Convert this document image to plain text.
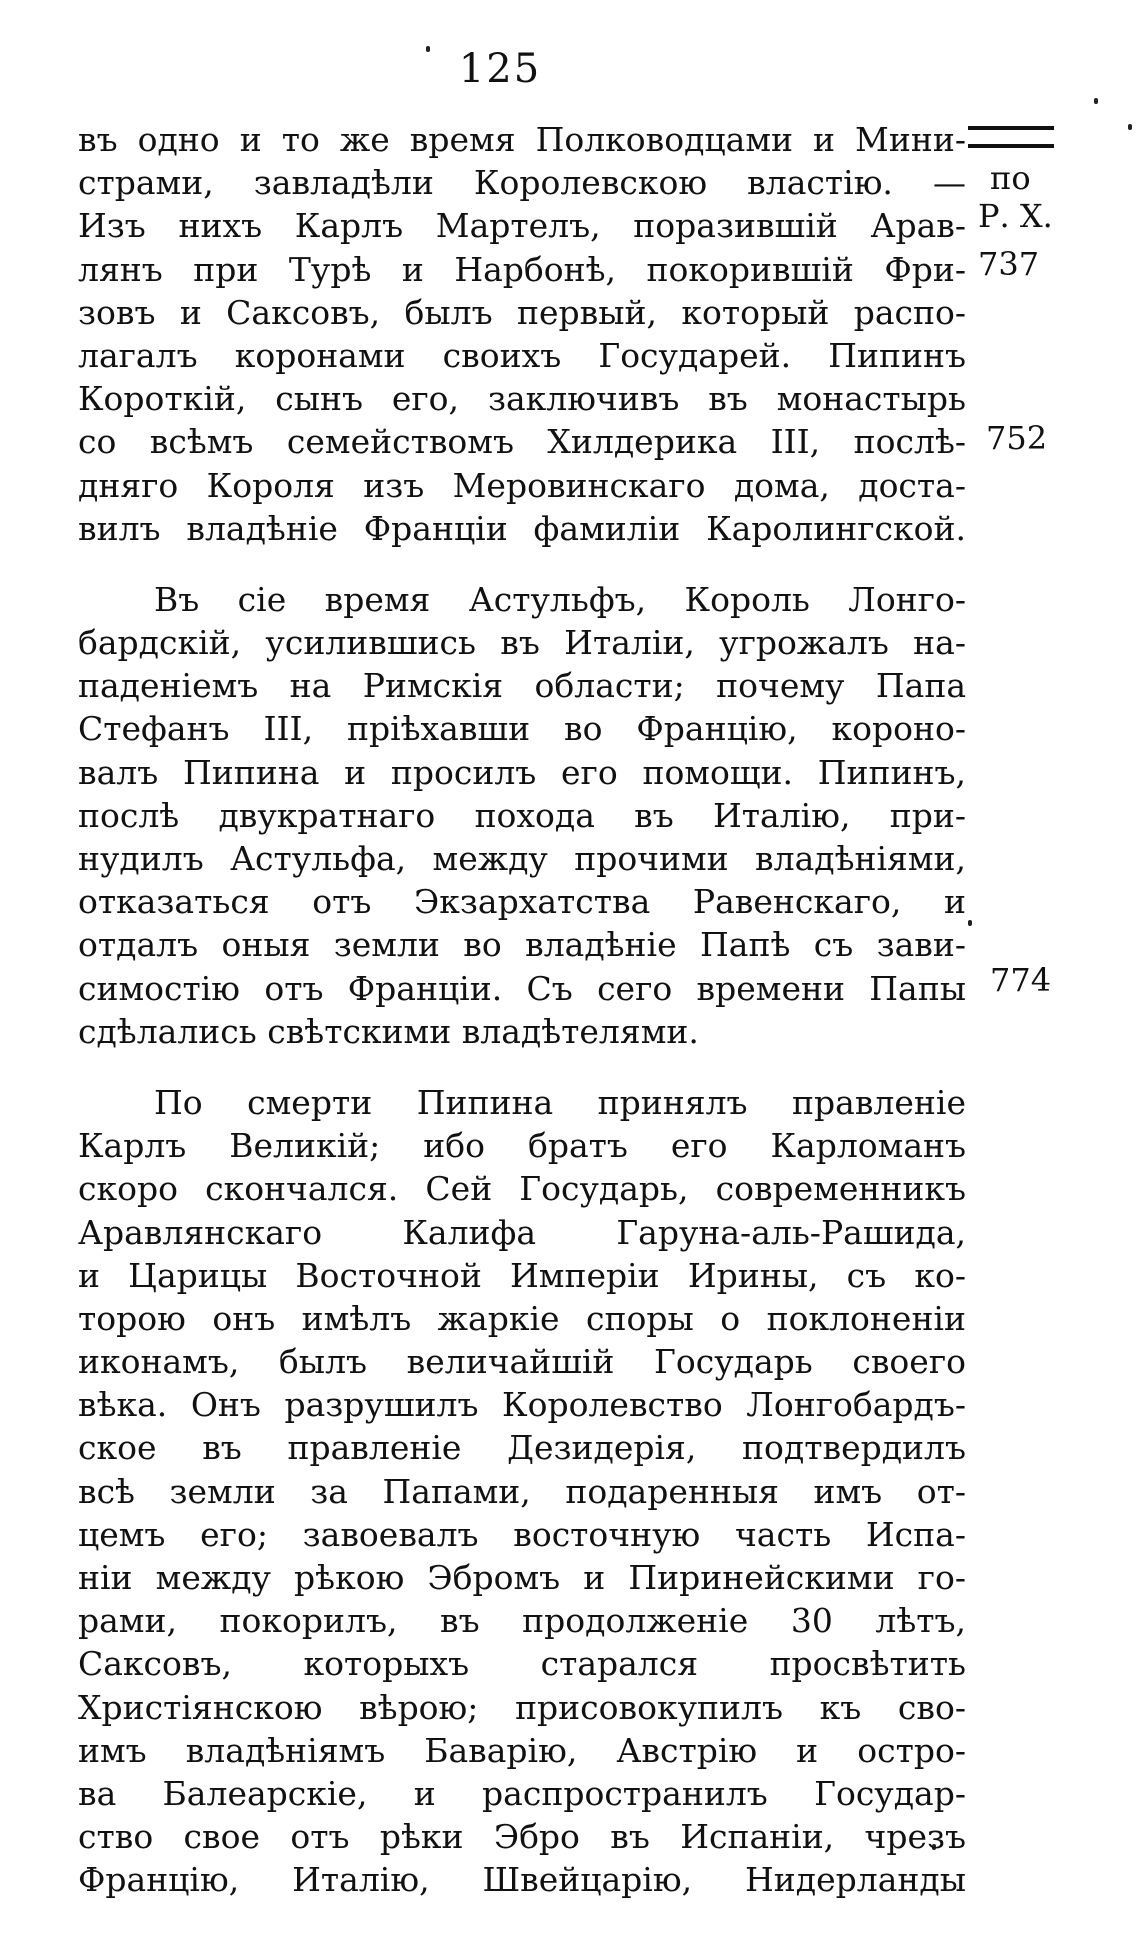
125
по
Р. Х.
737
752
774
въ одно и то же время Полководцами и Мини-
страми, завладѣли Королевскою властію. —
Изъ нихъ Карлъ Мартелъ, поразившій Арав-
лянъ при Турѣ и Нарбонѣ, покорившій Фри-
зовъ и Саксовъ, былъ первый, который распо-
лагалъ коронами своихъ Государей. Пипинъ
Короткій, сынъ его, заключивъ въ монастырь
со всѣмъ семействомъ Хилдерика III, послѣ-
дняго Короля изъ Меровинскаго дома, доста-
вилъ владѣніе Франціи фамиліи Каролингской.
Въ сіе время Астульфъ, Король Лонго-
бардскій, усилившись въ Италіи, угрожалъ на-
паденіемъ на Римскія области; почему Папа
Стефанъ III, пріѣхавши во Францію, короно-
валъ Пипина и просилъ его помощи. Пипинъ,
послѣ двукратнаго похода въ Италію, при-
нудилъ Астульфа, между прочими владѣніями,
отказаться отъ Экзархатства Равенскаго, и
отдалъ оныя земли во владѣніе Папѣ съ зави-
симостію отъ Франціи. Съ сего времени Папы
сдѣлались свѣтскими владѣтелями.
По смерти Пипина принялъ правленіе
Карлъ Великій; ибо братъ его Карломанъ
скоро скончался. Сей Государь, современникъ
Аравлянскаго Калифа Гаруна-аль-Рашида,
и Царицы Восточной Имперіи Ирины, съ ко-
торою онъ имѣлъ жаркіе споры о поклоненіи
иконамъ, былъ величайшій Государь своего
вѣка. Онъ разрушилъ Королевство Лонгобардъ-
ское въ правленіе Дезидерія, подтвердилъ
всѣ земли за Папами, подаренныя имъ от-
цемъ его; завоевалъ восточную часть Испа-
ніи между рѣкою Эбромъ и Пиринейскими го-
рами, покорилъ, въ продолженіе 30 лѣтъ,
Саксовъ, которыхъ старался просвѣтить
Христіянскою вѣрою; присовокупилъ къ сво-
имъ владѣніямъ Баварію, Австрію и остро-
ва Балеарскіе, и распространилъ Государ-
ство свое отъ рѣки Эбро въ Испаніи, чрезъ
Францію, Италію, Швейцарію, Нидерланды
